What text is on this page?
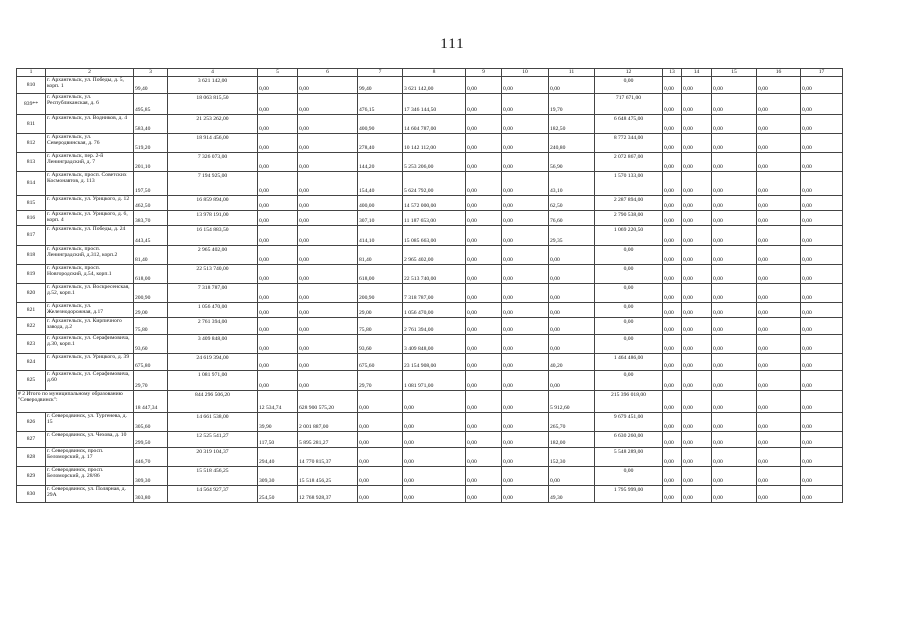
111
1	2	3	4	5	6	7	8	9	10	11	12	13	14	15	16	17
810	г. Архангельск, ул. Победы, д. 5, корп. 1	99,40	3 621 142,00	0,00	0,00	99,40	3 621 142,00	0,00	0,00	0,00	0,00	0,00	0,00	0,00	0,00	0,00
839**	г. Архангельск, ул. Республиканская, д. 6	495,85	18 063 815,50	0,00	0,00	476,15	17 346 144,50	0,00	0,00	19,70	717 671,00	0,00	0,00	0,00	0,00	0,00
811	г. Архангельск, ул. Водников, д. 4	583,40	21 253 262,00	0,00	0,00	400,90	14 604 787,00	0,00	0,00	182,50	6 648 475,00	0,00	0,00	0,00	0,00	0,00
812	г. Архангельск, ул. Северодвинская, д. 76	519,20	18 914 456,00	0,00	0,00	278,40	10 142 112,00	0,00	0,00	240,80	8 772 344,00	0,00	0,00	0,00	0,00	0,00
813	г. Архангельск, пер. 2-й Ленинградский, д. 7	201,10	7 326 073,00	0,00	0,00	144,20	5 253 206,00	0,00	0,00	56,90	2 072 867,00	0,00	0,00	0,00	0,00	0,00
814	г. Архангельск, просп. Советских Космонавтов, д. 113	197,50	7 194 925,00	0,00	0,00	154,40	5 624 792,00	0,00	0,00	43,10	1 570 133,00	0,00	0,00	0,00	0,00	0,00
815	г. Архангельск, ул. Урицкого, д. 12	462,50	16 859 894,00	0,00	0,00	400,00	14 572 000,00	0,00	0,00	62,50	2 287 894,00	0,00	0,00	0,00	0,00	0,00
816	г. Архангельск, ул. Урицкого, д. 6, корп. 4	383,70	13 978 191,00	0,00	0,00	307,10	11 187 653,00	0,00	0,00	76,60	2 790 538,00	0,00	0,00	0,00	0,00	0,00
817	г. Архангельск, ул. Победы, д. 24	443,45	16 154 883,50	0,00	0,00	414,10	15 085 663,00	0,00	0,00	29,35	1 069 220,50	0,00	0,00	0,00	0,00	0,00
818	г. Архангельск, просп. Ленинградский, д.312, корп.2	81,40	2 965 402,00	0,00	0,00	81,40	2 965 402,00	0,00	0,00	0,00	0,00	0,00	0,00	0,00	0,00	0,00
819	г. Архангельск, просп. Новгородский, д.54, корп.1	618,00	22 513 740,00	0,00	0,00	618,00	22 513 740,00	0,00	0,00	0,00	0,00	0,00	0,00	0,00	0,00	0,00
820	г. Архангельск, ул. Воскресенская, д.52, корп.1	200,90	7 318 787,00	0,00	0,00	200,90	7 318 787,00	0,00	0,00	0,00	0,00	0,00	0,00	0,00	0,00	0,00
821	г. Архангельск, ул. Железнодорожная, д.17	29,00	1 056 470,00	0,00	0,00	29,00	1 056 470,00	0,00	0,00	0,00	0,00	0,00	0,00	0,00	0,00	0,00
822	г. Архангельск, ул. Кирпичного завода, д.2	75,80	2 761 394,00	0,00	0,00	75,80	2 761 394,00	0,00	0,00	0,00	0,00	0,00	0,00	0,00	0,00	0,00
823	г. Архангельск, ул. Серафимовича, д.30, корп.1	93,60	3 409 848,00	0,00	0,00	93,60	3 409 848,00	0,00	0,00	0,00	0,00	0,00	0,00	0,00	0,00	0,00
824	г. Архангельск, ул. Урицкого, д. 39	675,80	24 619 394,00	0,00	0,00	675,60	23 154 908,00	0,00	0,00	40,20	1 464 486,00	0,00	0,00	0,00	0,00	0,00
825	г. Архангельск, ул. Серафимовича, д.60	29,70	1 081 971,00	0,00	0,00	29,70	1 081 971,00	0,00	0,00	0,00	0,00	0,00	0,00	0,00	0,00	0,00
# 2 Итого по муниципальному образованию "Северодвинск":		18 447,34	844 296 506,20	12 534,74	628 900 575,20	0,00	0,00	0,00	0,00	5 912,60	215 396 018,00	0,00	0,00	0,00	0,00	0,00
826	г. Северодвинск, ул. Тургенева, д. 15	305,60	14 661 538,00	39,90	2 001 887,00	0,00	0,00	0,00	0,00	265,70	9 679 451,00	0,00	0,00	0,00	0,00	0,00
827	г. Северодвинск, ул. Чехова, д. 10	299,50	12 525 541,27	117,50	5 895 281,27	0,00	0,00	0,00	0,00	182,00	6 630 260,00	0,00	0,00	0,00	0,00	0,00
828	г. Северодвинск, просп. Беломорский, д. 17	446,70	20 319 104,37	294,40	14 770 815,37	0,00	0,00	0,00	0,00	152,30	5 548 289,00	0,00	0,00	0,00	0,00	0,00
829	г. Северодвинск, просп. Беломорский, д. 28/86	309,30	15 518 456,25	309,30	15 518 456,25	0,00	0,00	0,00	0,00	0,00	0,00	0,00	0,00	0,00	0,00	0,00
830	г. Северодвинск, ул. Полярная, д. 29А	303,80	14 564 927,37	254,50	12 768 928,37	0,00	0,00	0,00	0,00	49,30	1 795 999,00	0,00	0,00	0,00	0,00	0,00
